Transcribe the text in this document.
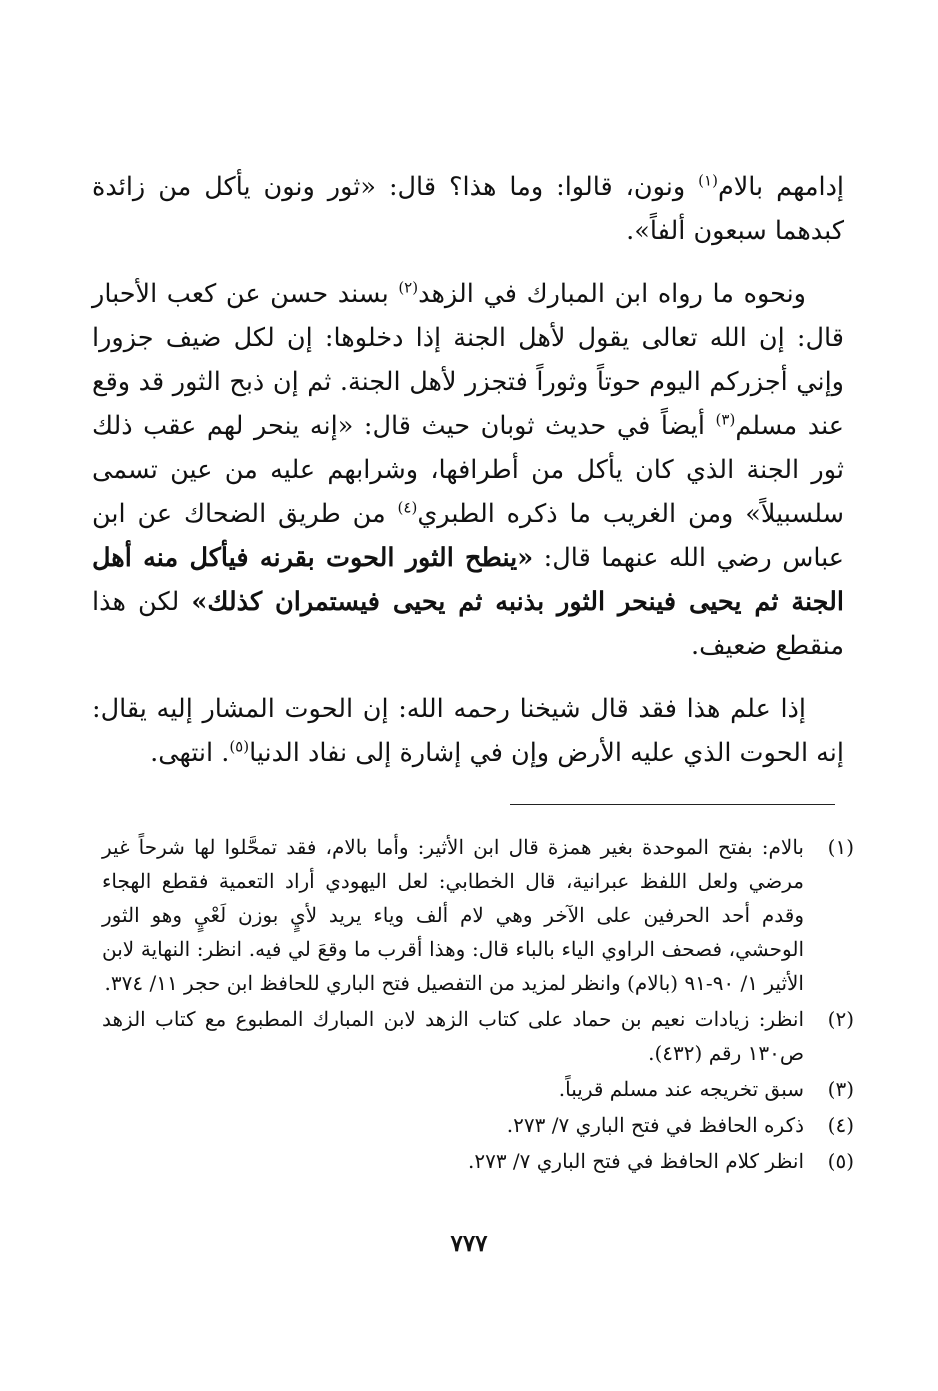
إدامهم بالام$^{(١)}$ ونون، قالوا: وما هذا؟ قال: «ثور ونون يأكل من زائدة كبدهما سبعون ألفاً».

ونحوه ما رواه ابن المبارك في الزهد$^{(٢)}$ بسند حسن عن كعب الأحبار قال: إن الله تعالى يقول لأهل الجنة إذا دخلوها: إن لكل ضيف جزورا وإني أجزركم اليوم حوتاً وثوراً فتجزر لأهل الجنة. ثم إن ذبح الثور قد وقع عند مسلم$^{(٣)}$ أيضاً في حديث ثوبان حيث قال: «إنه ينحر لهم عقب ذلك ثور الجنة الذي كان يأكل من أطرافها، وشرابهم عليه من عين تسمى سلسبيلاً» ومن الغريب ما ذكره الطبري$^{(٤)}$ من طريق الضحاك عن ابن عباس رضي الله عنهما قال: «ينطح الثور الحوت بقرنه فيأكل منه أهل الجنة ثم يحيى فينحر الثور بذنبه ثم يحيى فيستمران كذلك» لكن هذا منقطع ضعيف.

إذا علم هذا فقد قال شيخنا رحمه الله: إن الحوت المشار إليه يقال: إنه الحوت الذي عليه الأرض وإن في إشارة إلى نفاد الدنيا$^{(٥)}$. انتهى.

(١)
بالام: بفتح الموحدة بغير همزة قال ابن الأثير: وأما بالام، فقد تمحَّلوا لها شرحاً غير مرضي ولعل اللفظ عبرانية، قال الخطابي: لعل اليهودي أراد التعمية فقطع الهجاء وقدم أحد الحرفين على الآخر وهي لام ألف وياء يريد لأيٍ بوزن لَعْيٍ وهو الثور الوحشي، فصحف الراوي الياء بالباء قال: وهذا أقرب ما وقعَ لي فيه. انظر: النهاية لابن الأثير ١/ ٩٠-٩١ (بالام) وانظر لمزيد من التفصيل فتح الباري للحافظ ابن حجر ١١/ ٣٧٤.
(٢)
انظر: زيادات نعيم بن حماد على كتاب الزهد لابن المبارك المطبوع مع كتاب الزهد ص١٣٠ رقم (٤٣٢).
(٣)
سبق تخريجه عند مسلم قريباً.
(٤)
ذكره الحافظ في فتح الباري ٧/ ٢٧٣.
(٥)
انظر كلام الحافظ في فتح الباري ٧/ ٢٧٣.
٧٧٧
